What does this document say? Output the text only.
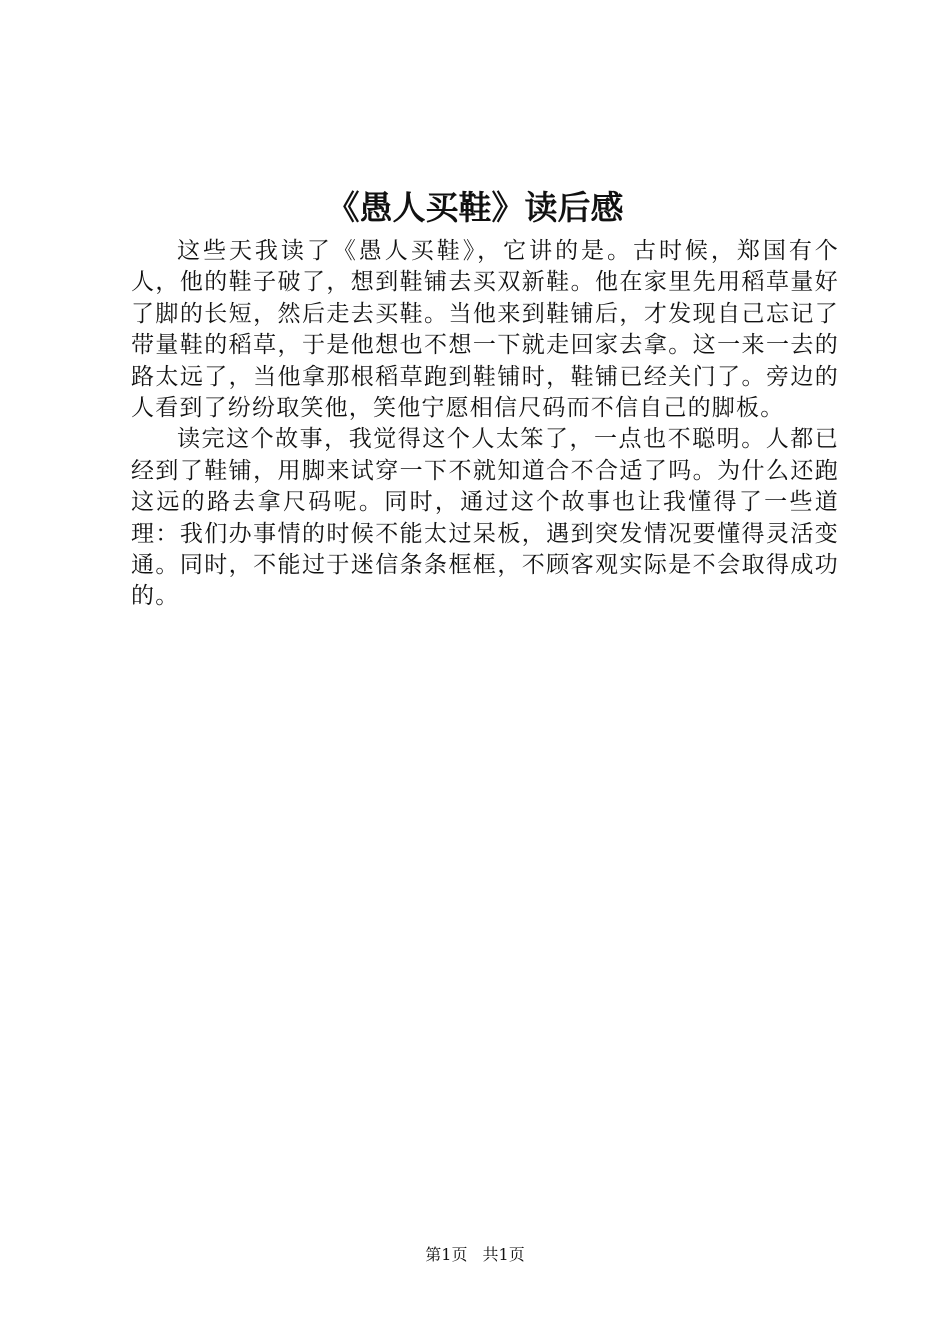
《愚人买鞋》读后感

这些天我读了《愚人买鞋》，它讲的是。古时候，郑国有个人，他的鞋子破了，想到鞋铺去买双新鞋。他在家里先用稻草量好了脚的长短，然后走去买鞋。当他来到鞋铺后，才发现自己忘记了带量鞋的稻草，于是他想也不想一下就走回家去拿。这一来一去的路太远了，当他拿那根稻草跑到鞋铺时，鞋铺已经关门了。旁边的人看到了纷纷取笑他，笑他宁愿相信尺码而不信自己的脚板。

读完这个故事，我觉得这个人太笨了，一点也不聪明。人都已经到了鞋铺，用脚来试穿一下不就知道合不合适了吗。为什么还跑这远的路去拿尺码呢。同时，通过这个故事也让我懂得了一些道理：我们办事情的时候不能太过呆板，遇到突发情况要懂得灵活变通。同时，不能过于迷信条条框框，不顾客观实际是不会取得成功的。

第1页 共1页
